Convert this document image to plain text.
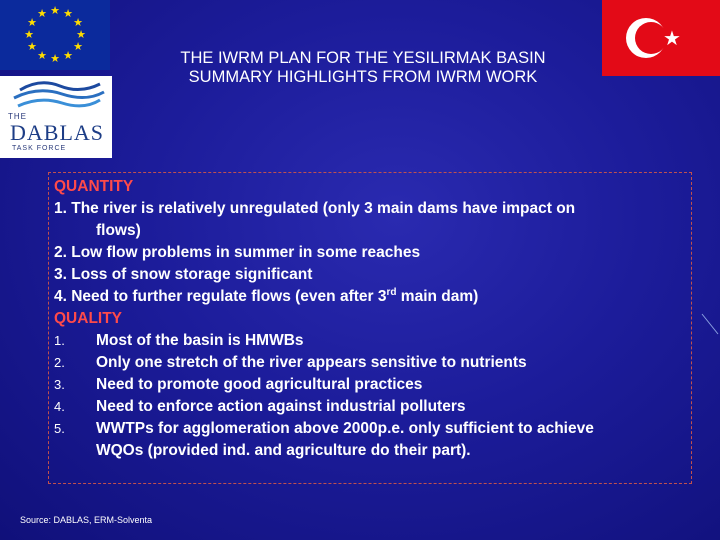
★ ★
★
★
★
★
★
★
★
★
★
★
★
THE
DABLAS
TASK FORCE
THE IWRM PLAN FOR THE YESILIRMAK BASIN
SUMMARY HIGHLIGHTS FROM IWRM WORK
QUANTITY
1. The river is relatively unregulated (only 3 main dams have impact on
flows)
2. Low flow problems in summer in some reaches
3. Loss of snow storage significant
4. Need to further regulate flows (even after 3rd main dam)
QUALITY
1. Most of the basin is HMWBs
2. Only one stretch of the river appears sensitive to nutrients
3. Need to promote good agricultural practices
4. Need to enforce action against industrial polluters
5. WWTPs for agglomeration above 2000p.e. only sufficient to achieve
WQOs (provided ind. and agriculture do their part).
Source: DABLAS, ERM-Solventa
